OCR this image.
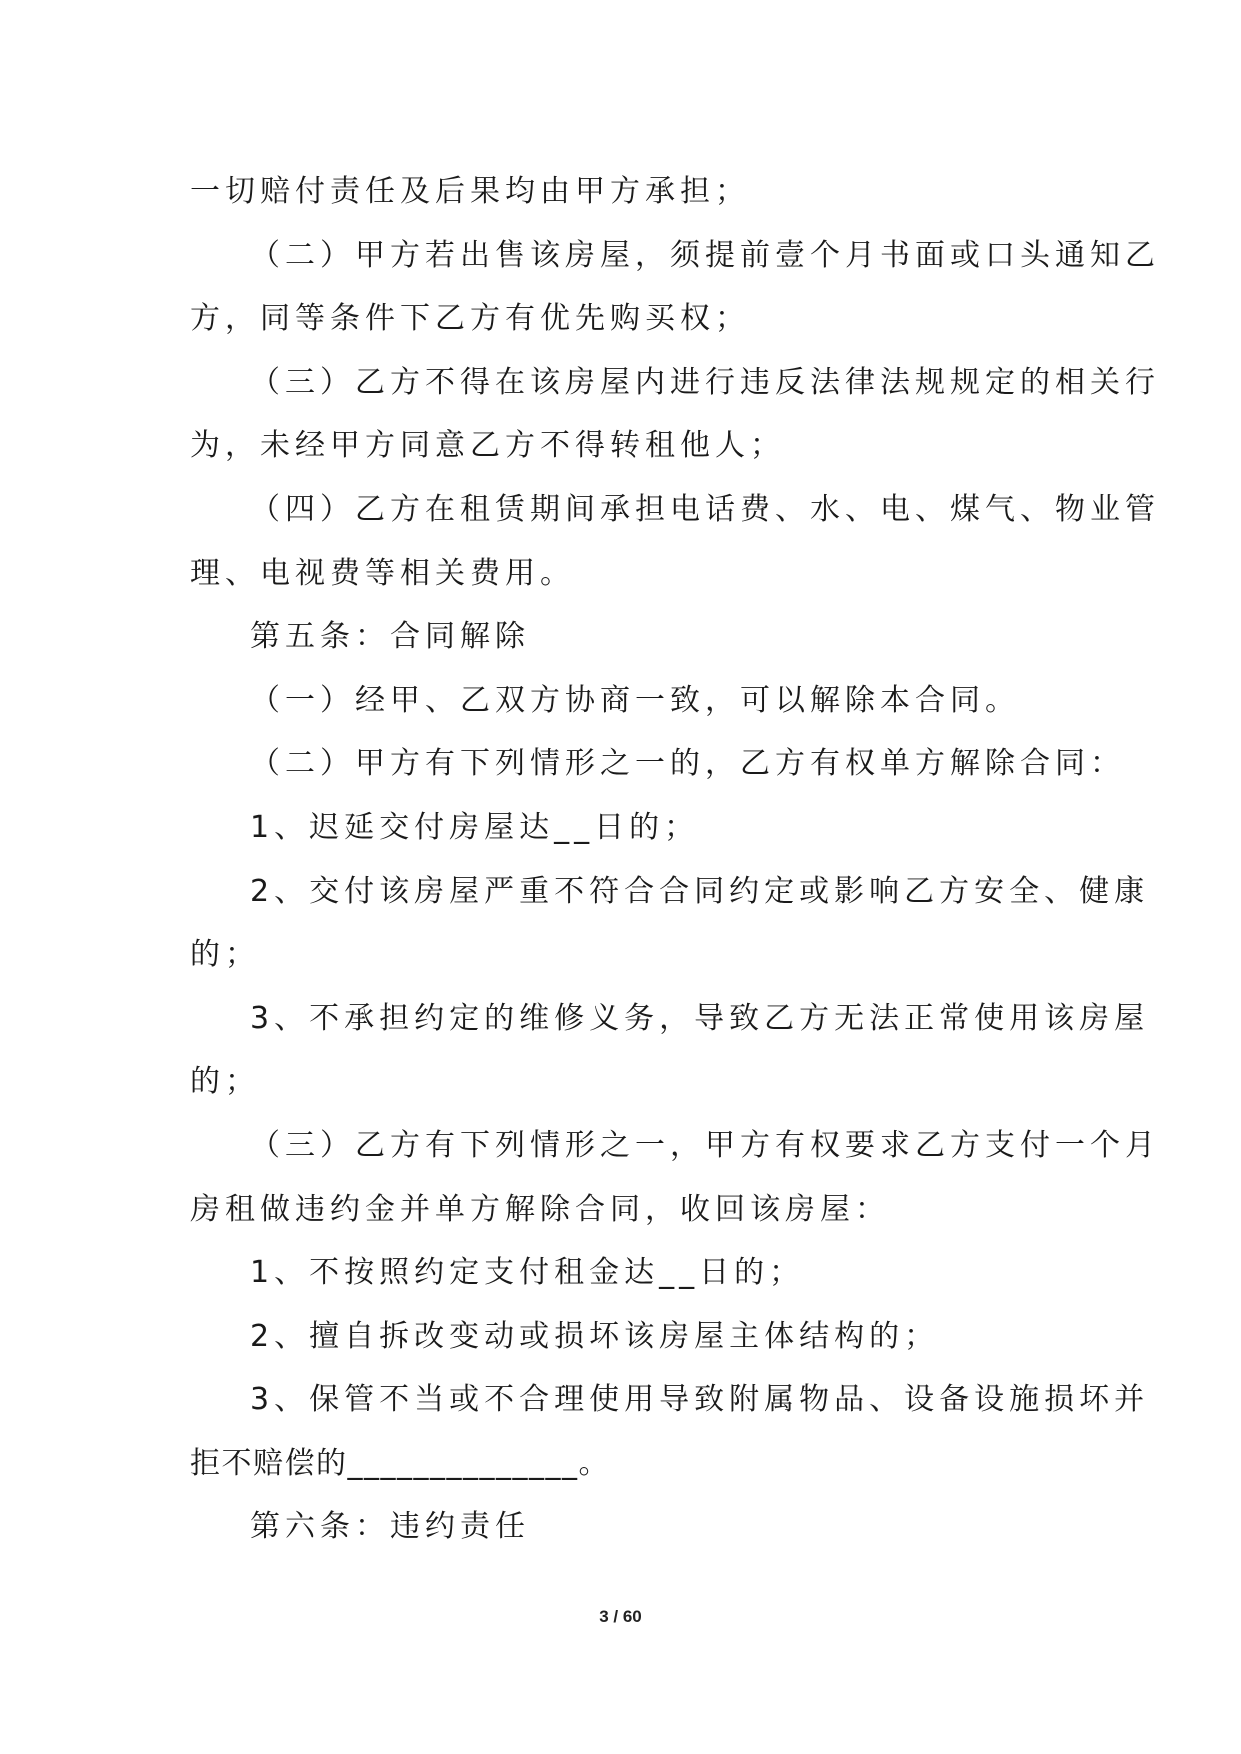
一切赔付责任及后果均由甲方承担；
（二）甲方若出售该房屋，须提前壹个月书面或口头通知乙
方，同等条件下乙方有优先购买权；
（三）乙方不得在该房屋内进行违反法律法规规定的相关行
为，未经甲方同意乙方不得转租他人；
（四）乙方在租赁期间承担电话费、水、电、煤气、物业管
理、电视费等相关费用。
第五条：合同解除
（一）经甲、乙双方协商一致，可以解除本合同。
（二）甲方有下列情形之一的，乙方有权单方解除合同：
1、迟延交付房屋达__日的；
2、交付该房屋严重不符合合同约定或影响乙方安全、健康
的；
3、不承担约定的维修义务，导致乙方无法正常使用该房屋
的；
（三）乙方有下列情形之一，甲方有权要求乙方支付一个月
房租做违约金并单方解除合同，收回该房屋：
1、不按照约定支付租金达__日的；
2、擅自拆改变动或损坏该房屋主体结构的；
3、保管不当或不合理使用导致附属物品、设备设施损坏并
拒不赔偿的______________。
第六条：违约责任
3 / 60
